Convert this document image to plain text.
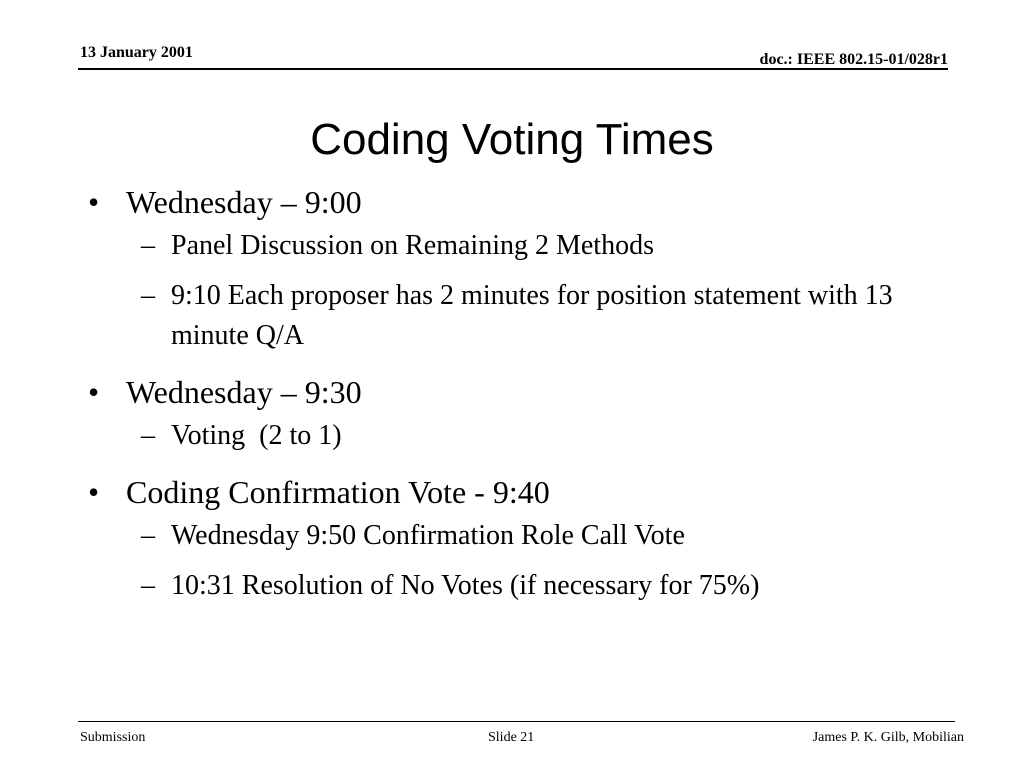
13 January 2001	doc.: IEEE 802.15-01/028r1
Coding Voting Times
• Wednesday – 9:00
– Panel Discussion on Remaining 2 Methods
– 9:10 Each proposer has 2 minutes for position statement with 13 minute Q/A
• Wednesday – 9:30
– Voting  (2 to 1)
• Coding Confirmation Vote - 9:40
– Wednesday 9:50 Confirmation Role Call Vote
– 10:31 Resolution of No Votes (if necessary for 75%)
Submission	Slide 21	James P. K. Gilb, Mobilian
